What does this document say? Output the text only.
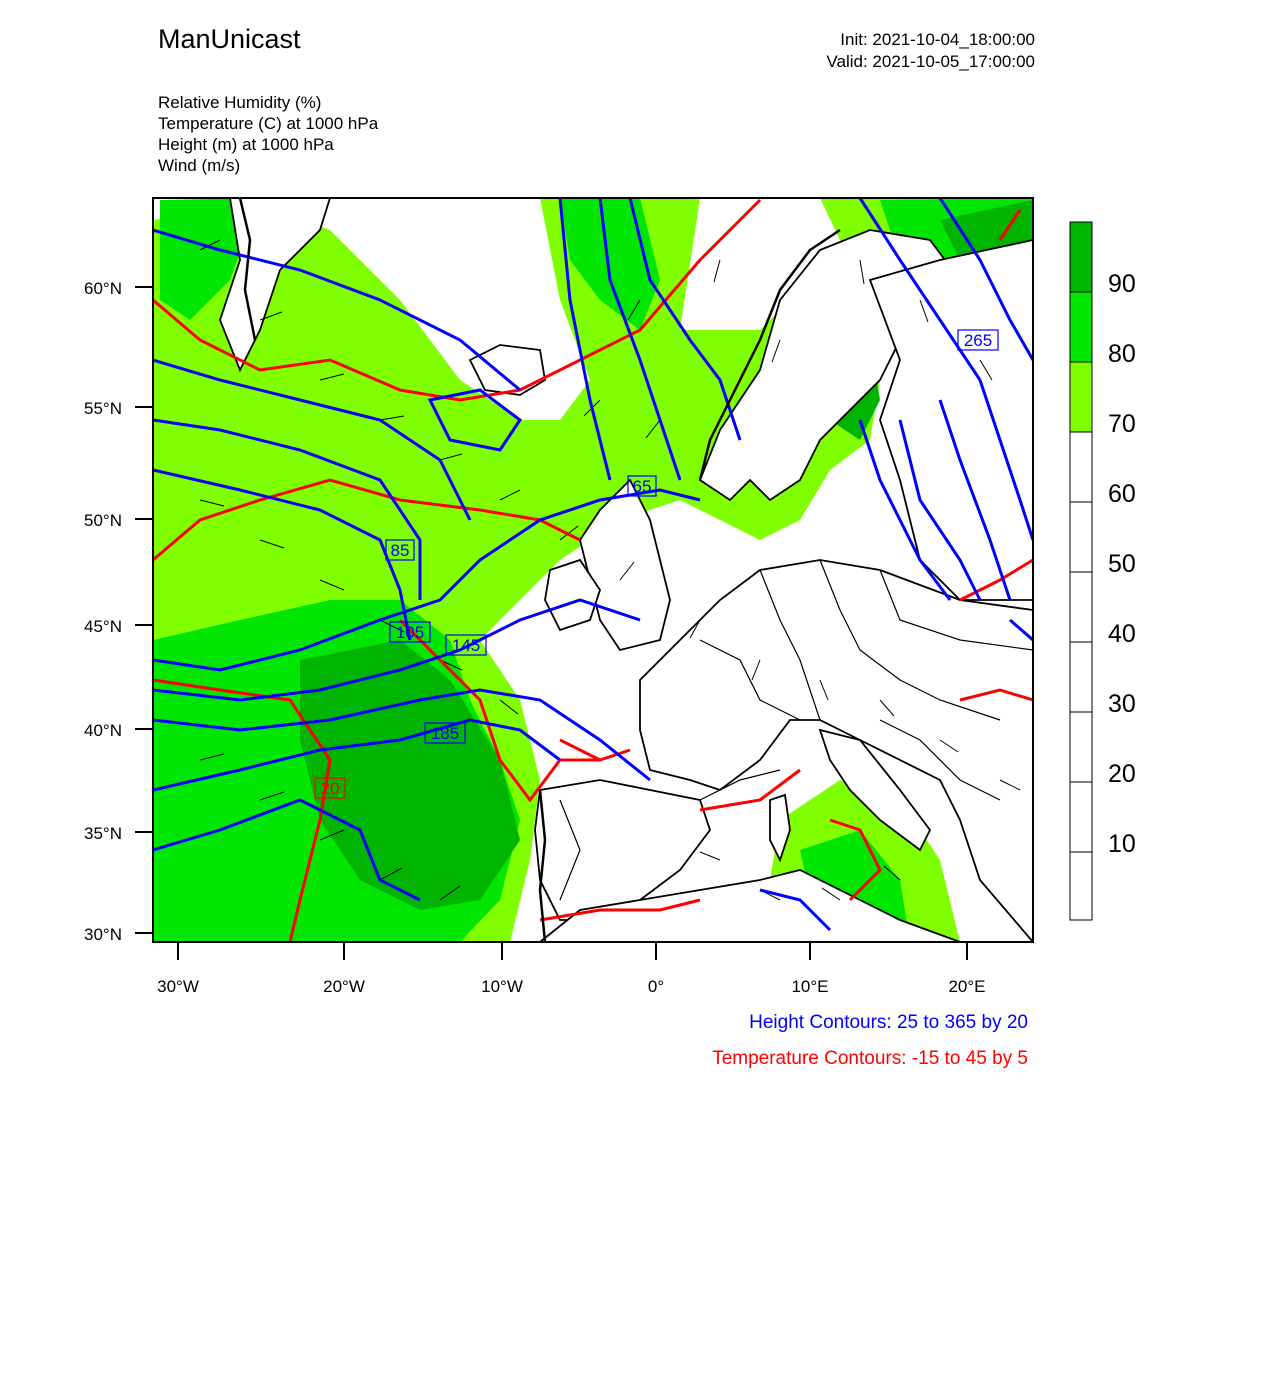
ManUnicast	Init: 2021-10-04_18:00:00
Valid: 2021-10-05_17:00:00
Relative Humidity (%)
Temperature (C) at 1000 hPa
Height (m) at 1000 hPa
Wind (m/s)
65
85
105
145
185
20
265
60°N
55°N
50°N
45°N
40°N
35°N
30°N
30°W	20°W	10°W	0°	10°E	20°E
90
80
70
60
50
40
30
20
10
Height Contours: 25 to 365 by 20
Temperature Contours: -15 to 45 by 5
